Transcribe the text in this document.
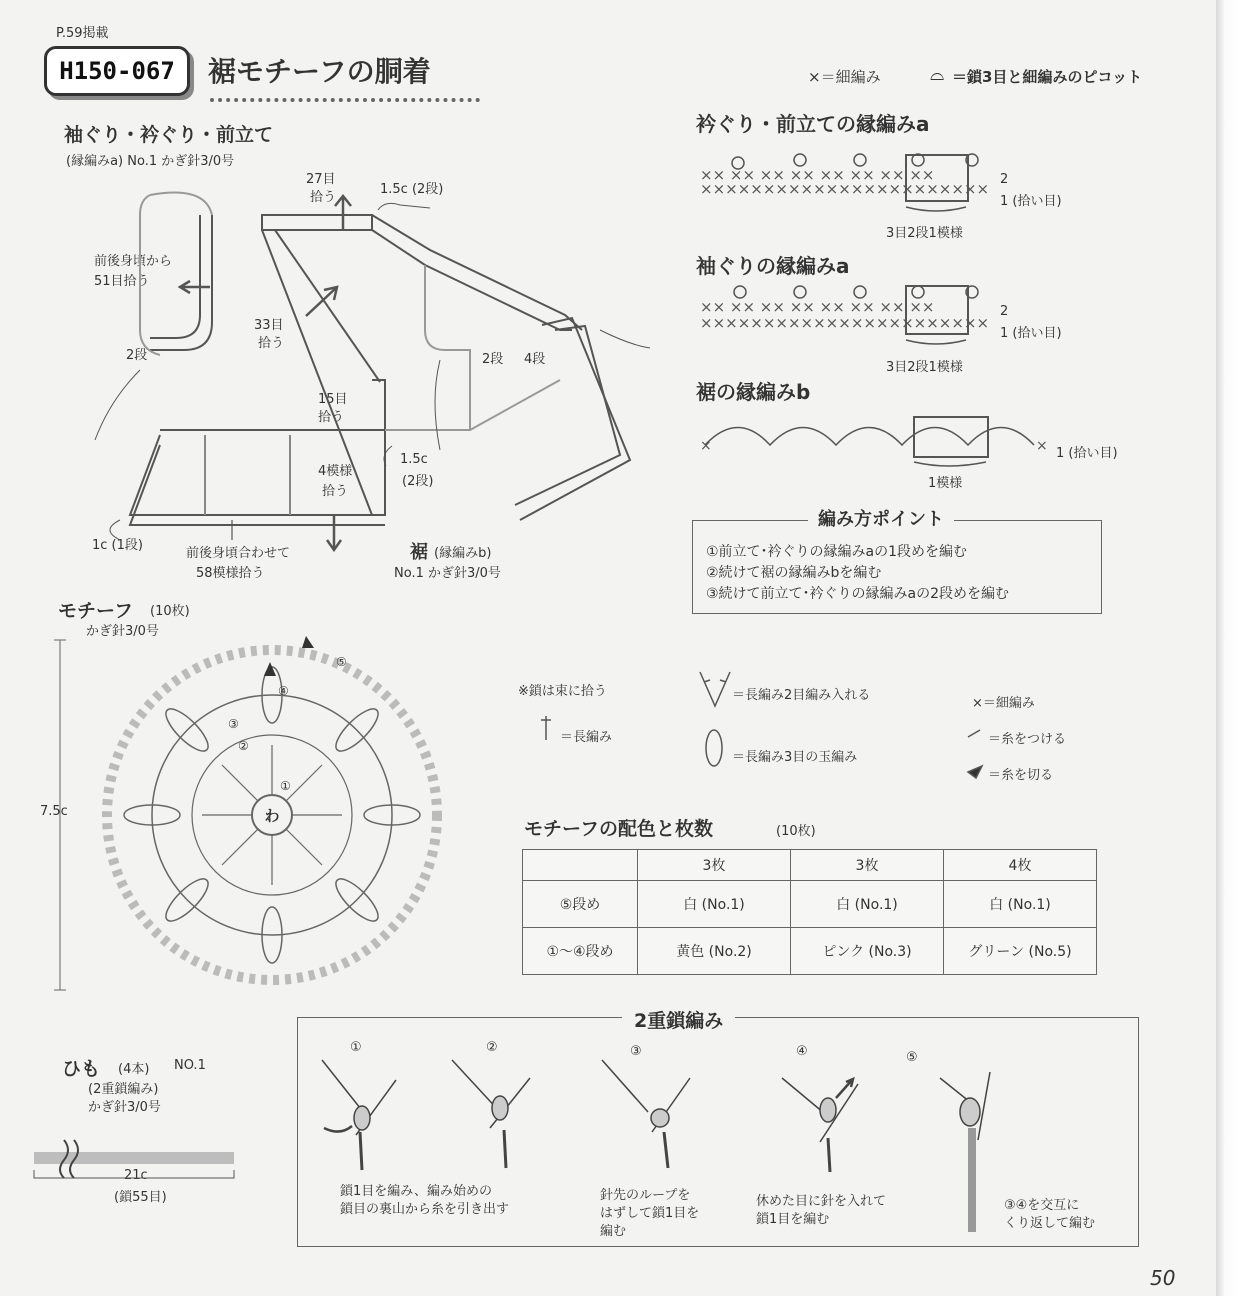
P.59掲載
H150-067	裾モチーフの胴着	×＝細編み	⌓ ＝鎖3目と細編みのピコット
袖ぐり・衿ぐり・前立て
(縁編みa) No.1 かぎ針3/0号
27目
拾う
1.5c (2段)
前後身頃から
51目拾う
33目
拾う
2段	2段 4段
15目
拾う
4模様
拾う
1.5c
(2段)
1c (1段)
前後身頃合わせて
58模様拾う
裾 (縁編みb)
No.1 かぎ針3/0号
衿ぐり・前立ての縁編みa
2
1 (拾い目)
3目2段1模様
袖ぐりの縁編みa
2
1 (拾い目)
3目2段1模様
裾の縁編みb
1 (拾い目)
1模様
編み方ポイント
①前立て･衿ぐりの縁編みaの1段めを編む
②続けて裾の縁編みbを編む
③続けて前立て･衿ぐりの縁編みaの2段めを編む
モチーフ (10枚)
かぎ針3/0号
7.5c
※鎖は束に拾う
＝長編み
＝長編み2目編み入れる
＝長編み3目の玉編み
×＝細編み
＝糸をつける
＝糸を切る
モチーフの配色と枚数	(10枚)
	3枚	3枚	4枚
⑤段め	白 (No.1)	白 (No.1)	白 (No.1)
①〜④段め	黄色 (No.2)	ピンク (No.3)	グリーン (No.5)
ひも (4本) NO.1
(2重鎖編み)
かぎ針3/0号
21c
(鎖55目)
2重鎖編み
①	②	③	④	⑤
鎖1目を編み、編み始めの
鎖目の裏山から糸を引き出す
針先のループを
はずして鎖1目を
編む
休めた目に針を入れて
鎖1目を編む
③④を交互に
くり返して編む
50
×××××××××××××××××××××××
×× ×× ×× ×× ×× ×× ×× ××
×× ×× ×× ×× ×× ×× ×× ××
×××××××××××××××××××××××
×	×
わ
④
⑤
③
②
①
